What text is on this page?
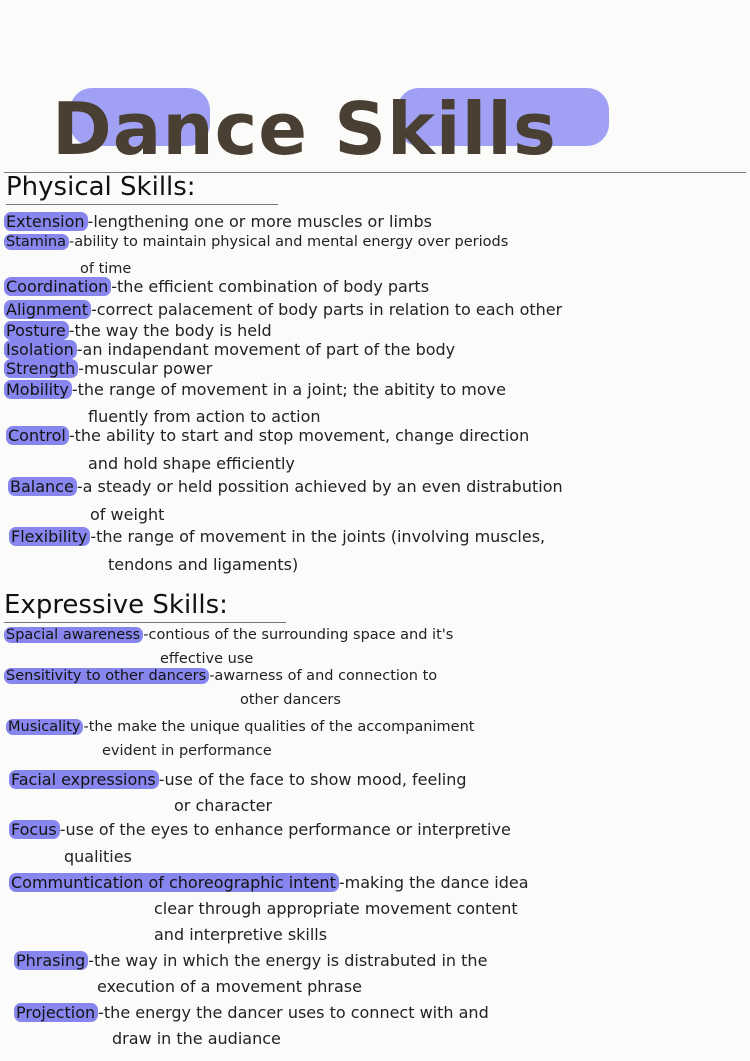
Dance Skills
Physical Skills:
Extension -lengthening one or more muscles or limbs
Stamina -ability to maintain physical and mental energy over periods
of time
Coordination -the efficient combination of body parts
Alignment -correct palacement of body parts in relation to each other
Posture -the way the body is held
Isolation -an indapendant movement of part of the body
Strength -muscular power
Mobility -the range of movement in a joint; the abitity to move
fluently from action to action
Control -the ability to start and stop movement, change direction
and hold shape efficiently
Balance -a steady or held possition achieved by an even distrabution
of weight
Flexibility -the range of movement in the joints (involving muscles,
tendons and ligaments)
Expressive Skills:
Spacial awareness -contious of the surrounding space and it's
effective use
Sensitivity to other dancers -awarness of and connection to
other dancers
Musicality -the make the unique qualities of the accompaniment
evident in performance
Facial expressions -use of the face to show mood, feeling
or character
Focus -use of the eyes to enhance performance or interpretive
qualities
Communtication of choreographic intent -making the dance idea
clear through appropriate movement content
and interpretive skills
Phrasing -the way in which the energy is distrabuted in the
execution of a movement phrase
Projection -the energy the dancer uses to connect with and
draw in the audiance
